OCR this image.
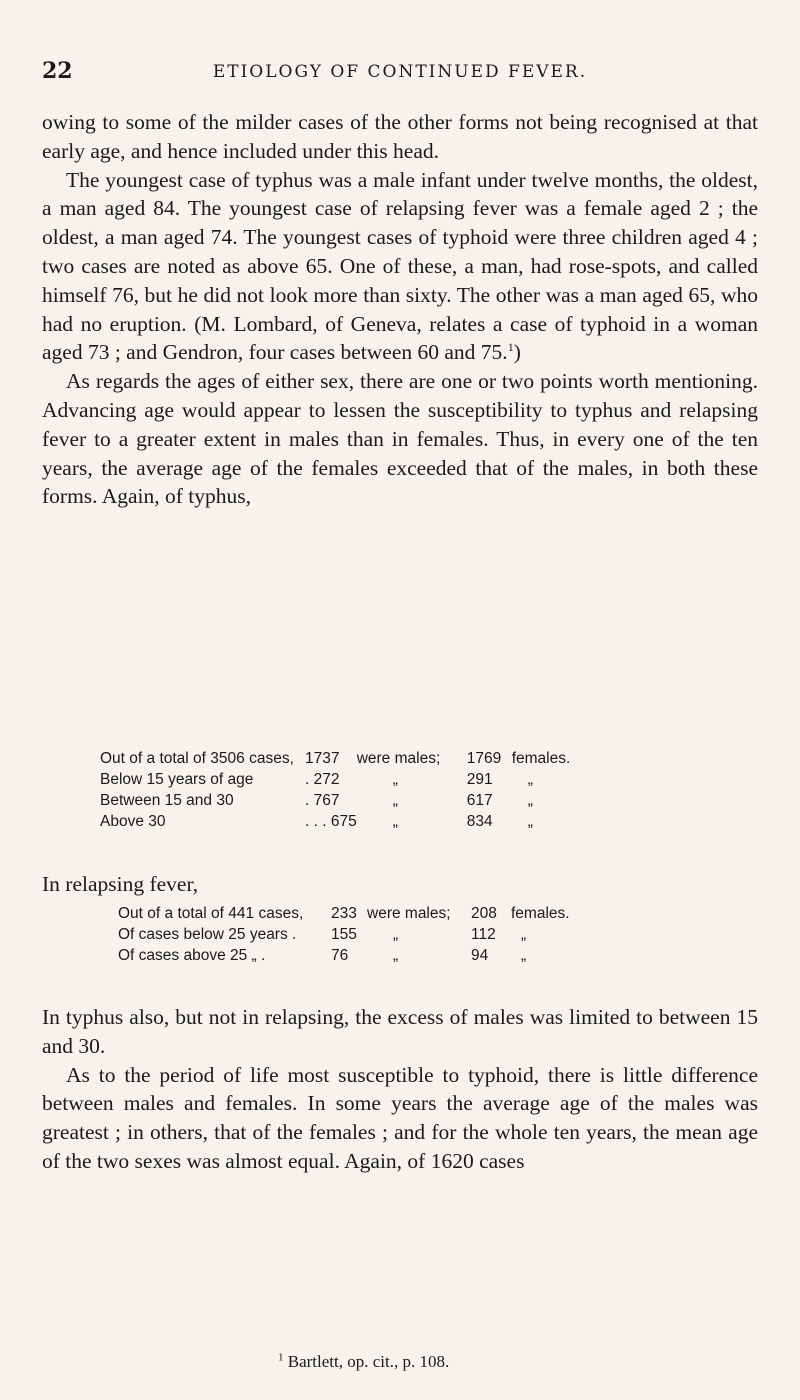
22	ETIOLOGY OF CONTINUED FEVER.

owing to some of the milder cases of the other forms not being recognised at that early age, and hence included under this head.

The youngest case of typhus was a male infant under twelve months, the oldest, a man aged 84. The youngest case of relapsing fever was a female aged 2 ; the oldest, a man aged 74. The youngest cases of typhoid were three children aged 4 ; two cases are noted as above 65. One of these, a man, had rose-spots, and called himself 76, but he did not look more than sixty. The other was a man aged 65, who had no eruption. (M. Lombard, of Geneva, relates a case of typhoid in a woman aged 73 ; and Gendron, four cases between 60 and 75.$^1$)

As regards the ages of either sex, there are one or two points worth mentioning. Advancing age would appear to lessen the susceptibility to typhus and relapsing fever to a greater extent in males than in females. Thus, in every one of the ten years, the average age of the females exceeded that of the males, in both these forms. Again, of typhus,

Out of a total of 3506 cases,	1737	were males;	1769	females.
Below 15 years of age	. 272	„	291	„
Between 15 and 30	. 767	„	617	„
Above 30	. . . 675	„	834	„
In relapsing fever,
Out of a total of 441 cases,	233	were males;	208	females.
Of cases below 25 years .	155	„	112	„
Of cases above 25 „ .	76	„	94	„

In typhus also, but not in relapsing, the excess of males was limited to between 15 and 30.

As to the period of life most susceptible to typhoid, there is little difference between males and females. In some years the average age of the males was greatest ; in others, that of the females ; and for the whole ten years, the mean age of the two sexes was almost equal. Again, of 1620 cases

$^1$ Bartlett, op. cit., p. 108.
